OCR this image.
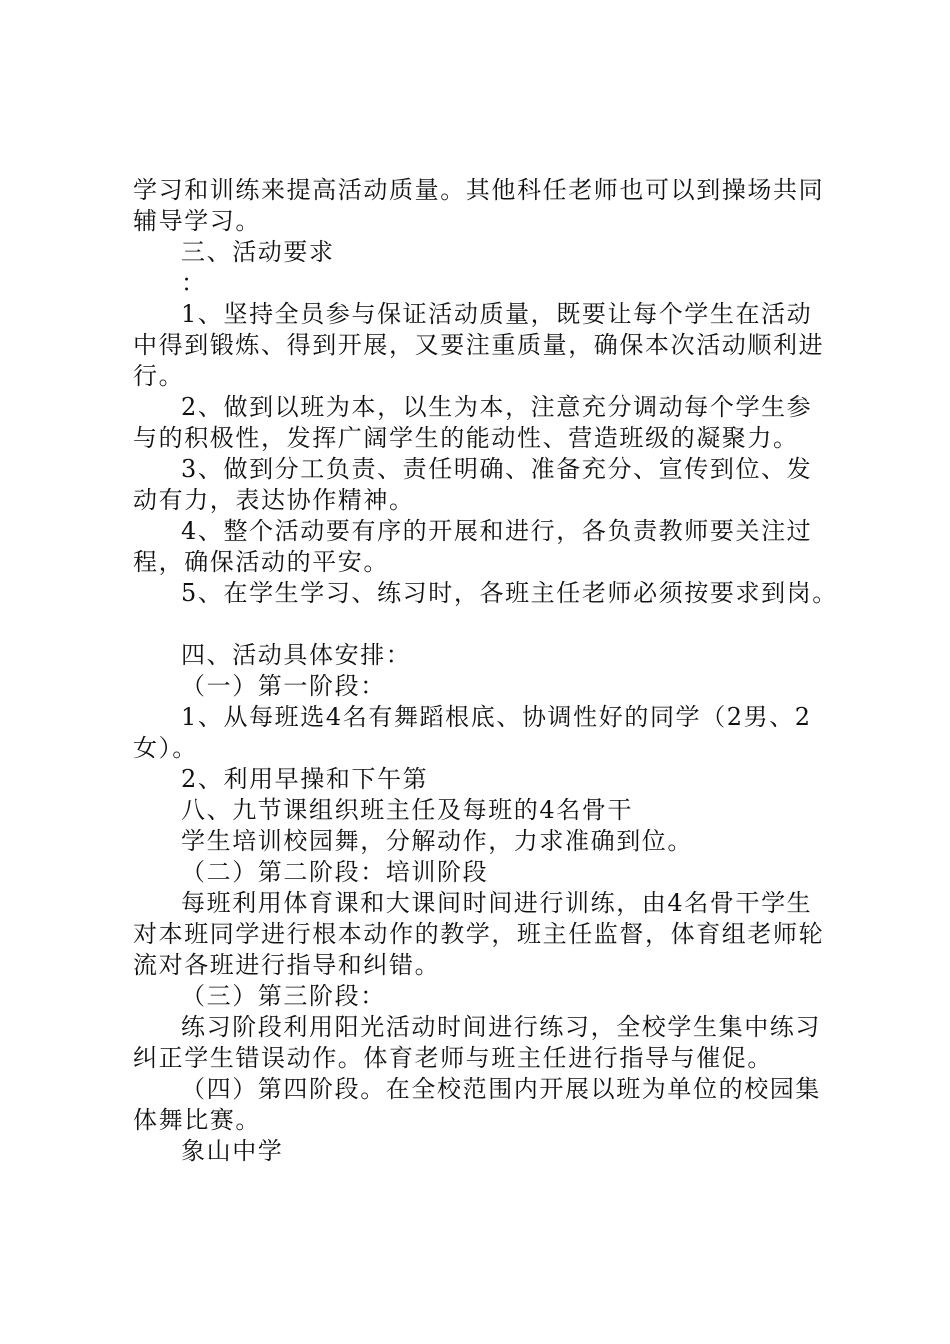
学习和训练来提高活动质量。其他科任老师也可以到操场共同
辅导学习。
三、活动要求
：
1、坚持全员参与保证活动质量，既要让每个学生在活动
中得到锻炼、得到开展，又要注重质量，确保本次活动顺利进
行。
2、做到以班为本，以生为本，注意充分调动每个学生参
与的积极性，发挥广阔学生的能动性、营造班级的凝聚力。
3、做到分工负责、责任明确、准备充分、宣传到位、发
动有力，表达协作精神。
4、整个活动要有序的开展和进行，各负责教师要关注过
程，确保活动的平安。
5、在学生学习、练习时，各班主任老师必须按要求到岗。
四、活动具体安排：
（一）第一阶段：
1、从每班选4名有舞蹈根底、协调性好的同学（2男、2
女）。
2、利用早操和下午第
八、九节课组织班主任及每班的4名骨干
学生培训校园舞，分解动作，力求准确到位。
（二）第二阶段：培训阶段
每班利用体育课和大课间时间进行训练，由4名骨干学生
对本班同学进行根本动作的教学，班主任监督，体育组老师轮
流对各班进行指导和纠错。
（三）第三阶段：
练习阶段利用阳光活动时间进行练习，全校学生集中练习
纠正学生错误动作。体育老师与班主任进行指导与催促。
（四）第四阶段。在全校范围内开展以班为单位的校园集
体舞比赛。
象山中学
